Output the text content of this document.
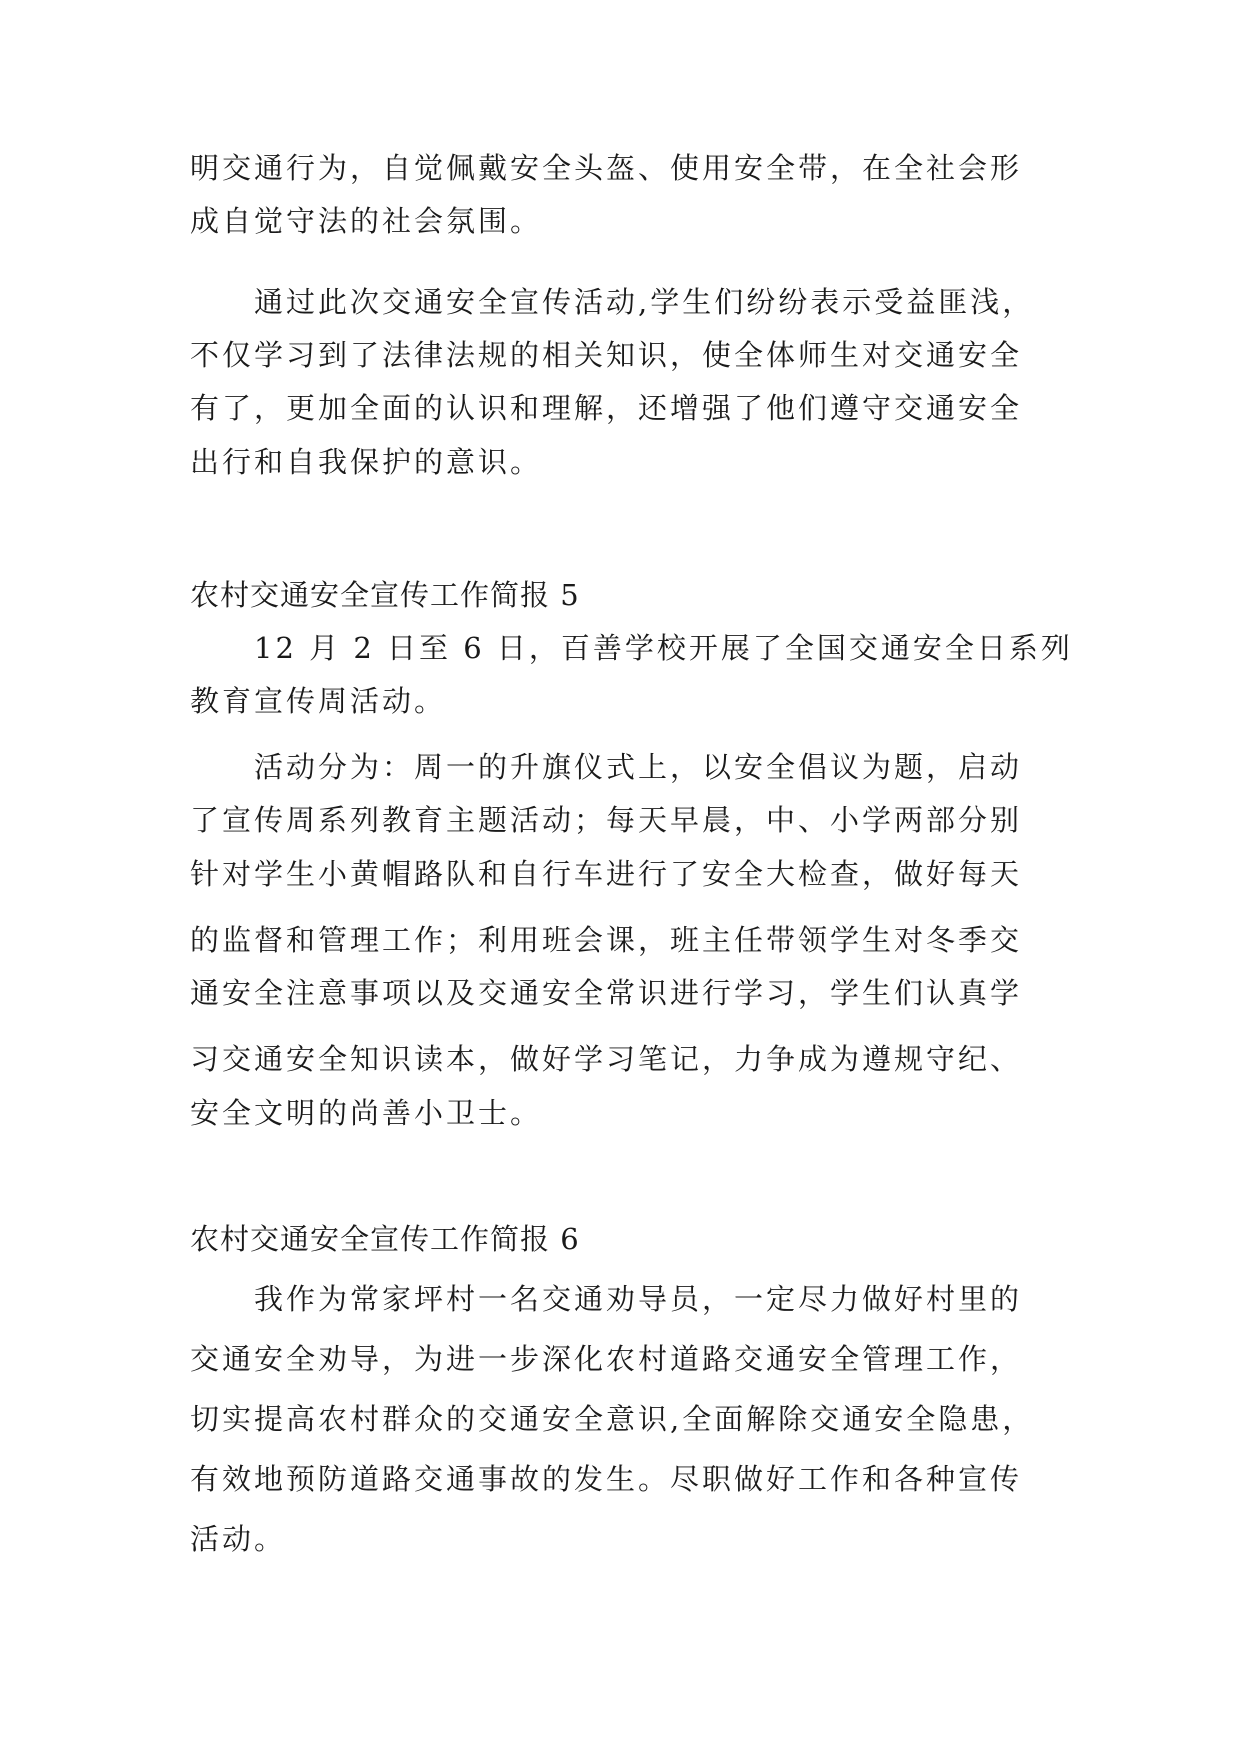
明交通行为，自觉佩戴安全头盔、使用安全带，在全社会形
成自觉守法的社会氛围。
通过此次交通安全宣传活动,学生们纷纷表示受益匪浅，
不仅学习到了法律法规的相关知识，使全体师生对交通安全
有了，更加全面的认识和理解，还增强了他们遵守交通安全
出行和自我保护的意识。
农村交通安全宣传工作简报 5
12 月 2 日至 6 日，百善学校开展了全国交通安全日系列
教育宣传周活动。
活动分为：周一的升旗仪式上，以安全倡议为题，启动
了宣传周系列教育主题活动；每天早晨，中、小学两部分别
针对学生小黄帽路队和自行车进行了安全大检查，做好每天
的监督和管理工作；利用班会课，班主任带领学生对冬季交
通安全注意事项以及交通安全常识进行学习，学生们认真学
习交通安全知识读本，做好学习笔记，力争成为遵规守纪、
安全文明的尚善小卫士。
农村交通安全宣传工作简报 6
我作为常家坪村一名交通劝导员，一定尽力做好村里的
交通安全劝导，为进一步深化农村道路交通安全管理工作，
切实提高农村群众的交通安全意识,全面解除交通安全隐患，
有效地预防道路交通事故的发生。尽职做好工作和各种宣传
活动。
